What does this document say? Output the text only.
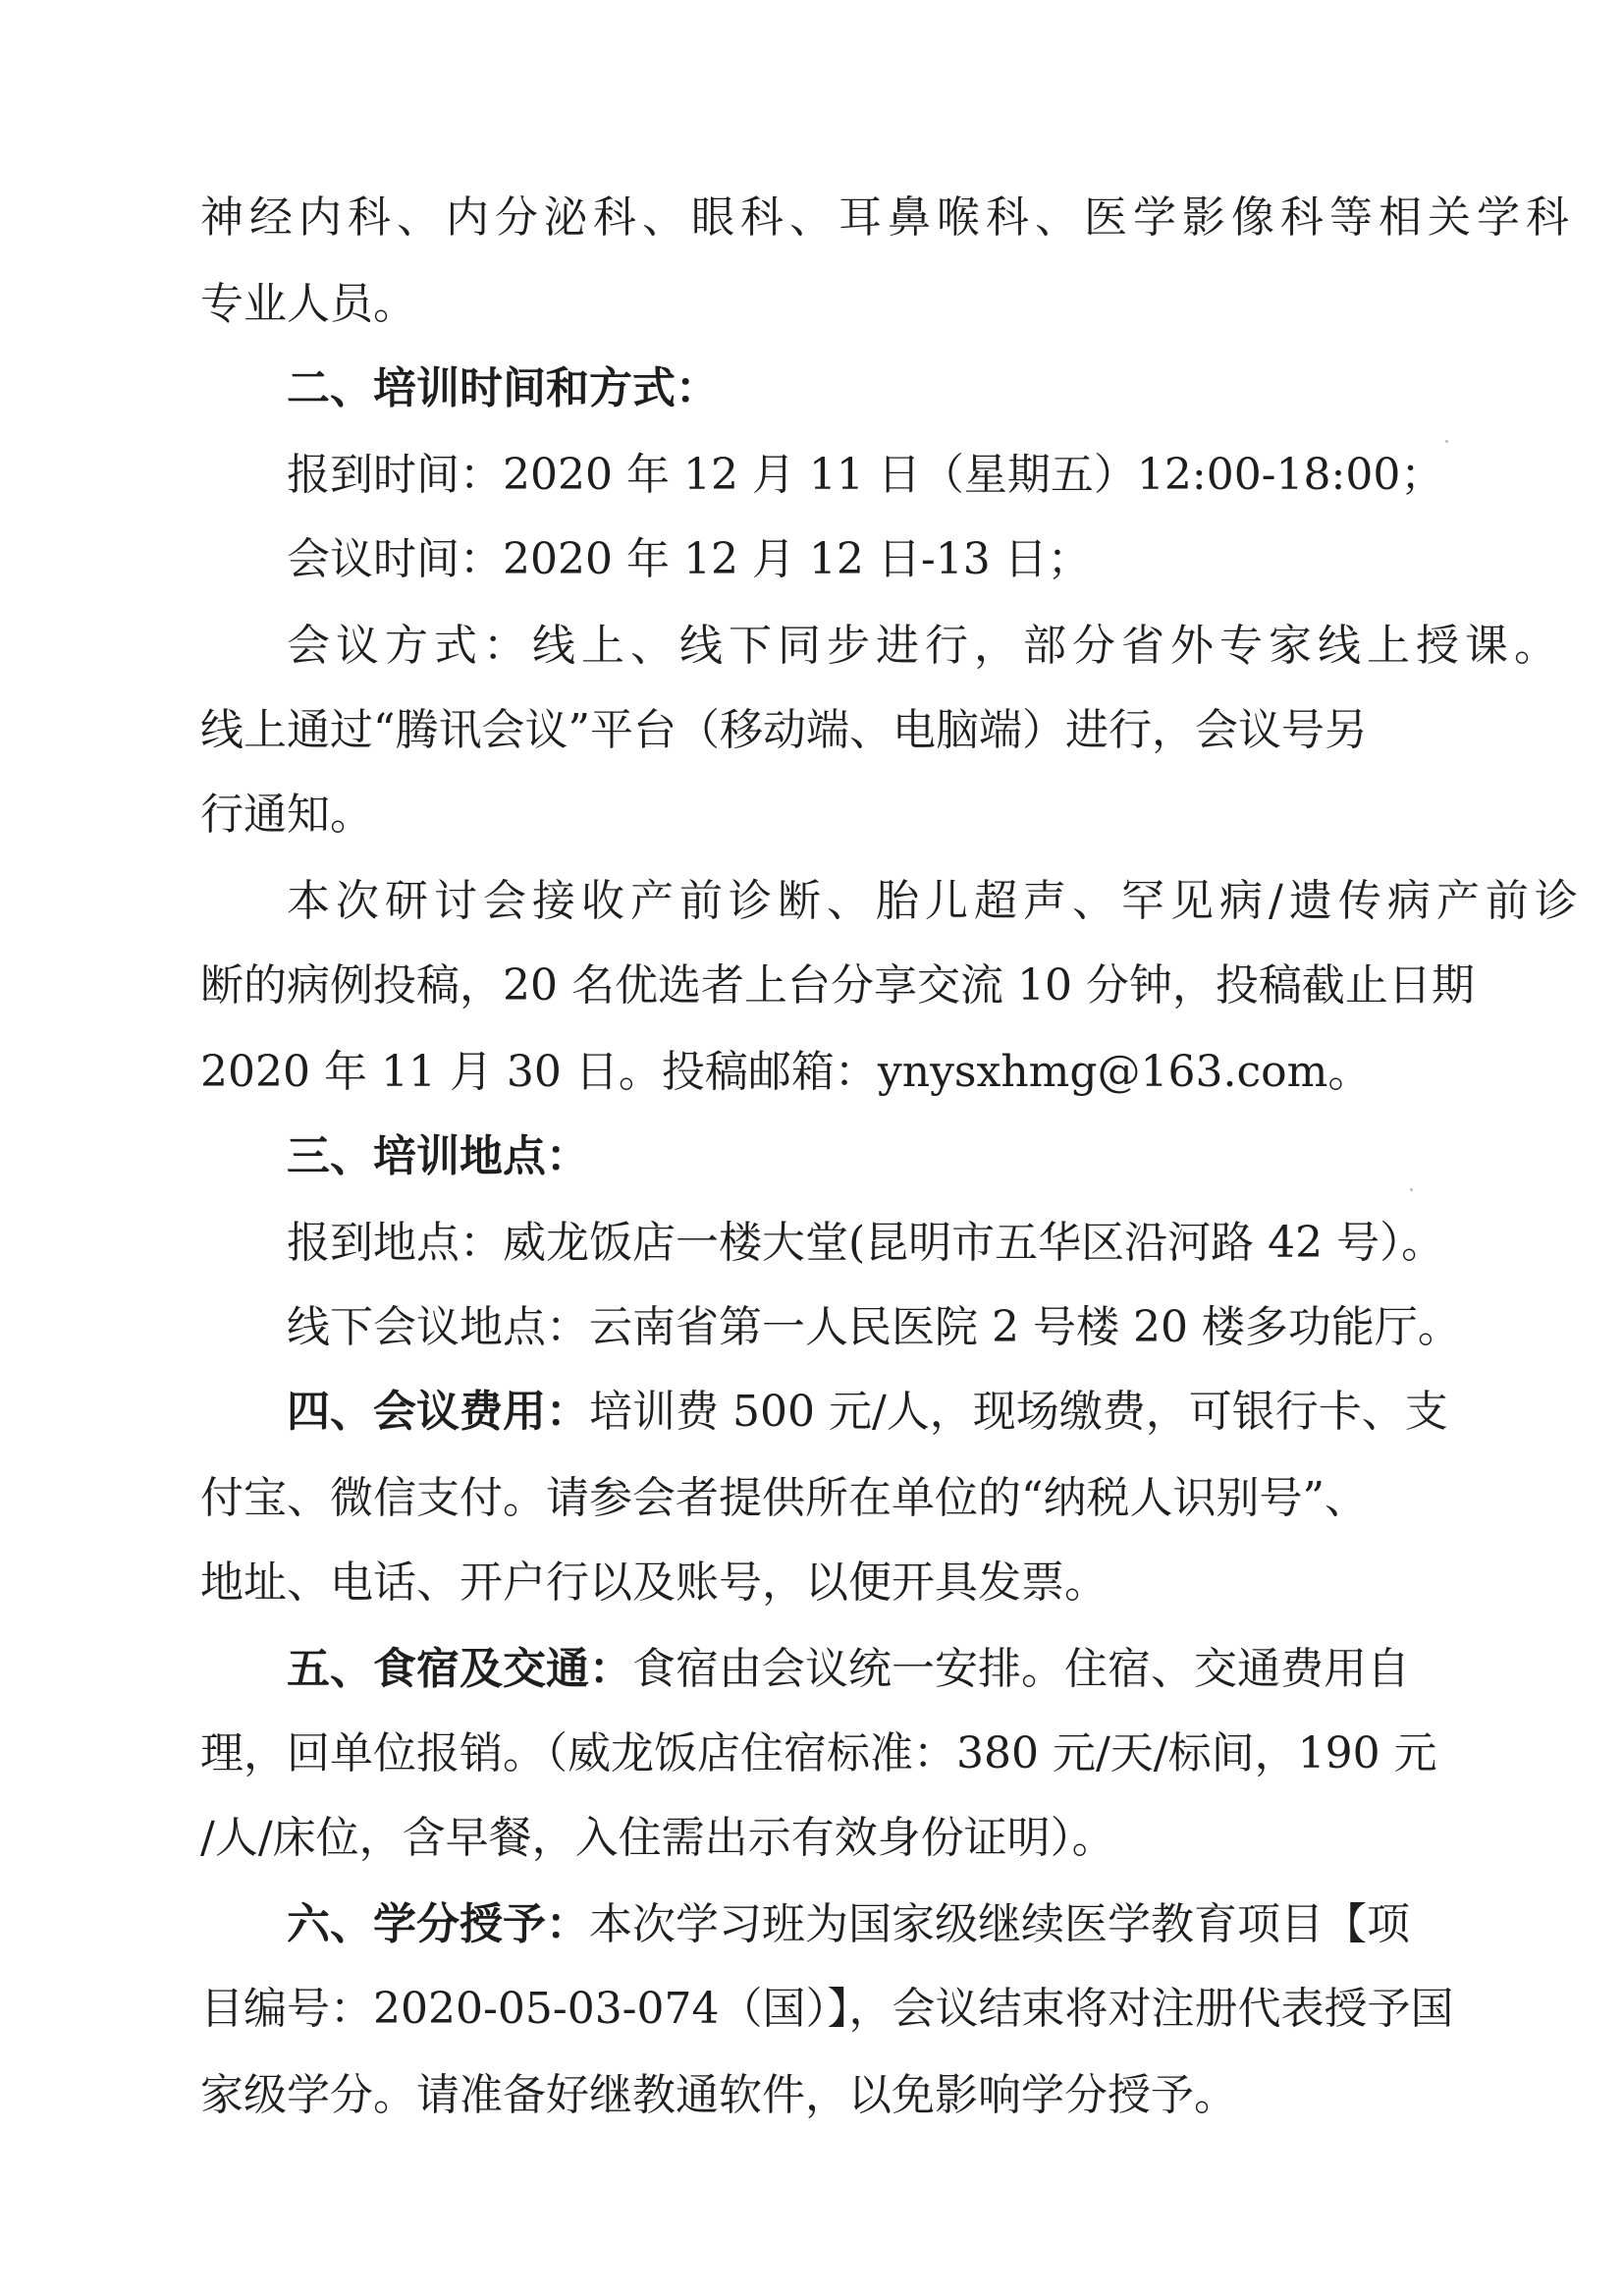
神经内科、内分泌科、眼科、耳鼻喉科、医学影像科等相关学科
专业人员。
二、培训时间和方式：
报到时间：2020 年 12 月 11 日（星期五）12:00-18:00；
会议时间：2020 年 12 月 12 日-13 日；
会议方式：线上、线下同步进行，部分省外专家线上授课。
线上通过“腾讯会议”平台（移动端、电脑端）进行，会议号另
行通知。
本次研讨会接收产前诊断、胎儿超声、罕见病/遗传病产前诊
断的病例投稿，20 名优选者上台分享交流 10 分钟，投稿截止日期
2020 年 11 月 30 日。投稿邮箱：ynysxhmg@163.com。
三、培训地点：
报到地点：威龙饭店一楼大堂(昆明市五华区沿河路 42 号）。
线下会议地点：云南省第一人民医院 2 号楼 20 楼多功能厅。
四、会议费用：培训费 500 元/人，现场缴费，可银行卡、支
付宝、微信支付。请参会者提供所在单位的“纳税人识别号”、
地址、电话、开户行以及账号，以便开具发票。
五、食宿及交通：食宿由会议统一安排。住宿、交通费用自
理，回单位报销。（威龙饭店住宿标准：380 元/天/标间，190 元
/人/床位，含早餐，入住需出示有效身份证明）。
六、学分授予：本次学习班为国家级继续医学教育项目【项
目编号：2020-05-03-074（国）】，会议结束将对注册代表授予国
家级学分。请准备好继教通软件，以免影响学分授予。
